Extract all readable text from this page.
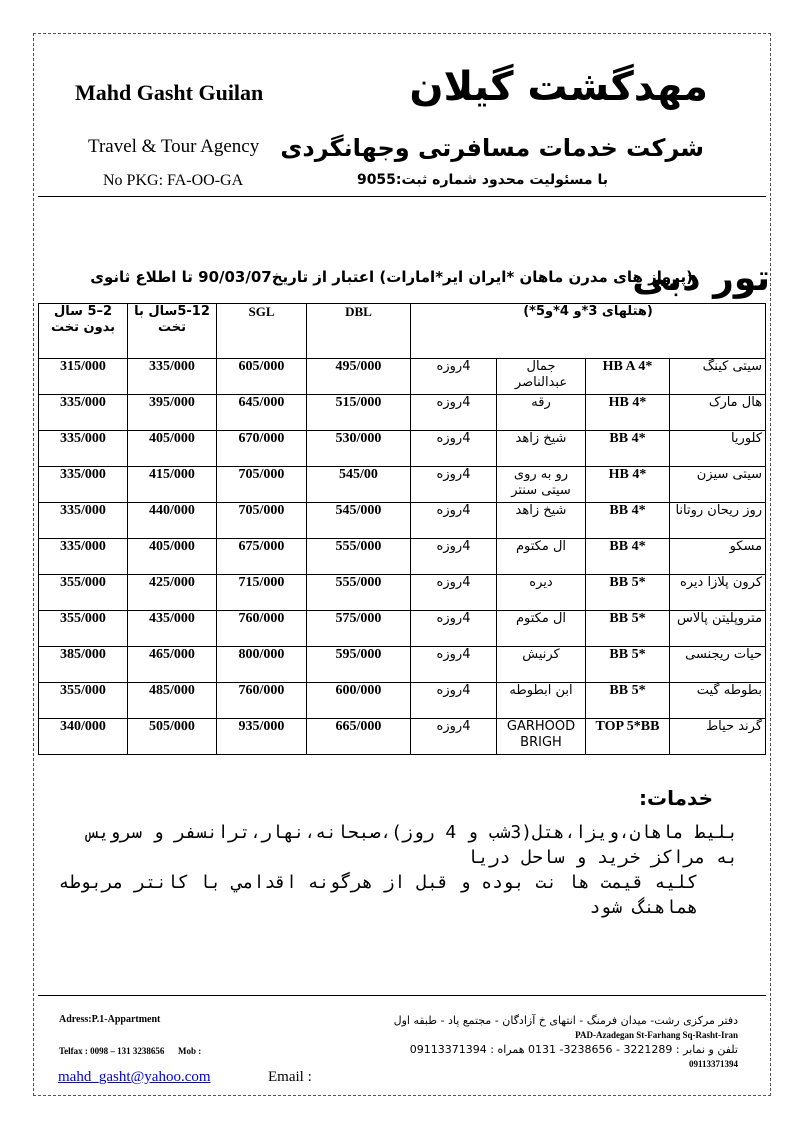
Mahd Gasht Guilan	مهدگشت گیلان
Travel & Tour Agency شرکت خدمات مسافرتی وجهانگردی
No PKG: FA-OO-GA	با مسئولیت محدود شماره ثبت:9055
تور دبی
(پرواز های مدرن ماهان *ایران ایر*امارات) اعتبار از تاریخ90/03/07 تا اطلاع ثانوی
2–5 سال بدون تخت	5-12سال با تخت	SGL	DBL	(هتلهای 3*و 4*و5*)			
315/000	335/000	605/000	495/000	4روزه	جمال عبدالناصر	HB A 4*	سیتی کینگ
335/000	395/000	645/000	515/000	4روزه	رقه	HB 4*	هال مارک
335/000	405/000	670/000	530/000	4روزه	شیخ زاهد	BB 4*	کلوریا
335/000	415/000	705/000	545/00	4روزه	رو به روی سیتی سنتر	HB 4*	سیتی سیزن
335/000	440/000	705/000	545/000	4روزه	شیخ زاهد	BB 4*	روز ریحان روتانا
335/000	405/000	675/000	555/000	4روزه	آل مکتوم	BB 4*	مسکو
355/000	425/000	715/000	555/000	4روزه	دیره	BB 5*	کرون پلازا دیره
355/000	435/000	760/000	575/000	4روزه	آل مکتوم	BB 5*	متروپلیتن پالاس
385/000	465/000	800/000	595/000	4روزه	کرنیش	BB 5*	حیات ریجنسی
355/000	485/000	760/000	600/000	4روزه	ابن ابطوطه	BB 5*	بطوطه گیت
340/000	505/000	935/000	665/000	4روزه	GARHOOD BRIGH	TOP 5*BB	گرند حیاط
خدمات:
بلیط ماهان،ویزا،هتل(3شب و 4 روز)،صبحانه،نهار،ترانسفر و سرویس به مراکز خرید و ساحل دریا
کلیه قیمت ها نت بوده و قبل از هرگونه اقدامي با کانتر مربوطه هماهنگ شود
دفتر مرکزی رشت- میدان فرمنگ - انتهای خ آزادگان - مجتمع پاد - طبقه اول
Adress:P.1-Appartment
PAD-Azadegan St-Farhang Sq-Rasht-Iran
تلفن و نمابر : 3221289 - 3238656- 0131 همراه : 09113371394
Telfax : 0098 – 131 3238656 Mob :
09113371394
mahd_gasht@yahoo.com	Email :
